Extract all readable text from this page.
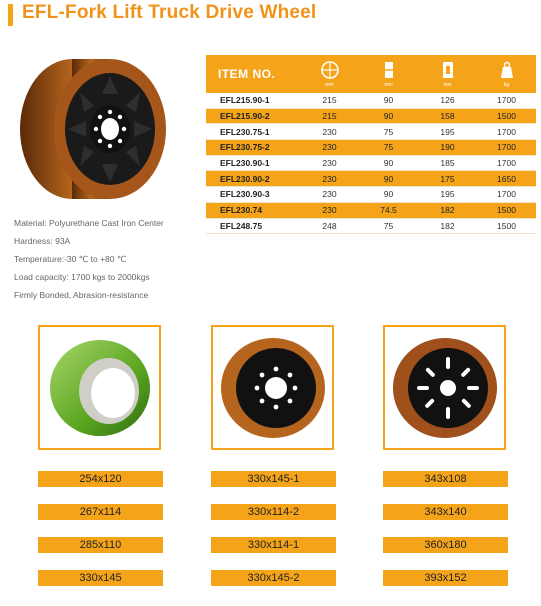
EFL-Fork Lift Truck Drive Wheel
Material: Polyurethane Cast Iron Center
Hardness: 93A
Temperature:-30 ℃ to +80 ℃
Load capacity: 1700 kgs to 2000kgs
Firmly Bonded, Abrasion-resistance
ITEM NO.	mm	mm	mm	kg

EFL215.90-1	215	90	126	1700
EFL215.90-2	215	90	158	1500
EFL230.75-1	230	75	195	1700
EFL230.75-2	230	75	190	1700
EFL230.90-1	230	90	185	1700
EFL230.90-2	230	90	175	1650
EFL230.90-3	230	90	195	1700
EFL230.74	230	74.5	182	1500
EFL248.75	248	75	182	1500
254x120
267x114
285x110
330x145
330x145-1
330x114-2
330x114-1
330x145-2
343x108
343x140
360x180
393x152
